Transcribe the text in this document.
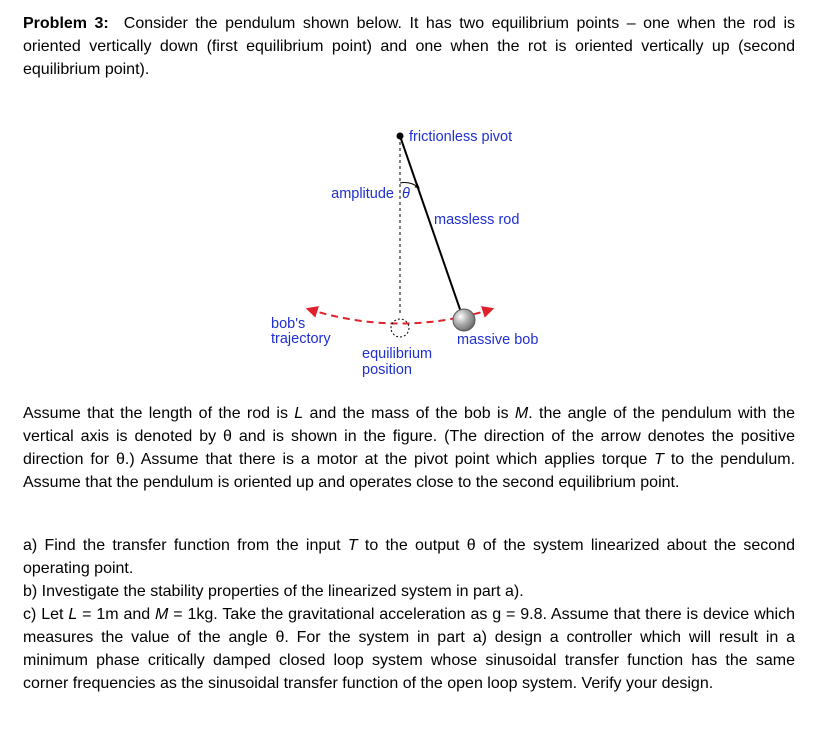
Problem 3: Consider the pendulum shown below. It has two equilibrium points – one when the rod is oriented vertically down (first equilibrium point) and one when the rot is oriented vertically up (second equilibrium point).

frictionless pivot
amplitude θ
massless rod
bob's
trajectory
equilibrium
position
massive bob

Assume that the length of the rod is L and the mass of the bob is M. the angle of the pendulum with the vertical axis is denoted by θ and is shown in the figure. (The direction of the arrow denotes the positive direction for θ.) Assume that there is a motor at the pivot point which applies torque T to the pendulum. Assume that the pendulum is oriented up and operates close to the second equilibrium point.

a) Find the transfer function from the input T to the output θ of the system linearized about the second operating point.
b) Investigate the stability properties of the linearized system in part a).
c) Let L = 1m and M = 1kg. Take the gravitational acceleration as g = 9.8. Assume that there is device which measures the value of the angle θ. For the system in part a) design a controller which will result in a minimum phase critically damped closed loop system whose sinusoidal transfer function has the same corner frequencies as the sinusoidal transfer function of the open loop system. Verify your design.
